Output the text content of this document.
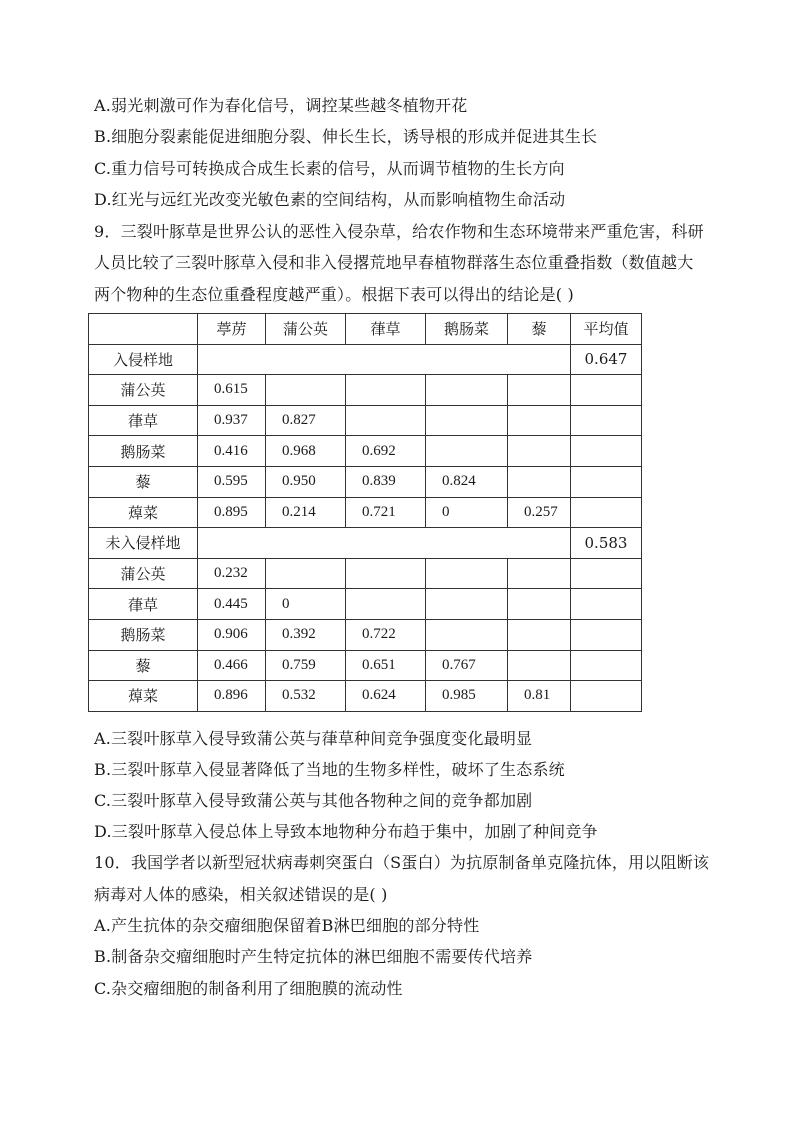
A.弱光刺激可作为春化信号，调控某些越冬植物开花
B.细胞分裂素能促进细胞分裂、伸长生长，诱导根的形成并促进其生长
C.重力信号可转换成合成生长素的信号，从而调节植物的生长方向
D.红光与远红光改变光敏色素的空间结构，从而影响植物生命活动
9．三裂叶豚草是世界公认的恶性入侵杂草，给农作物和生态环境带来严重危害，科研
人员比较了三裂叶豚草入侵和非入侵撂荒地早春植物群落生态位重叠指数（数值越大
两个物种的生态位重叠程度越严重）。根据下表可以得出的结论是( )
	葶苈	蒲公英	葎草	鹅肠菜	藜	平均值
入侵样地						0.647
蒲公英	0.615					
葎草	0.937	0.827				
鹅肠菜	0.416	0.968	0.692			
藜	0.595	0.950	0.839	0.824		
蔊菜	0.895	0.214	0.721	0	0.257	
未入侵样地						0.583
蒲公英	0.232					
葎草	0.445	0				
鹅肠菜	0.906	0.392	0.722			
藜	0.466	0.759	0.651	0.767		
蔊菜	0.896	0.532	0.624	0.985	0.81	
A.三裂叶豚草入侵导致蒲公英与葎草种间竞争强度变化最明显
B.三裂叶豚草入侵显著降低了当地的生物多样性，破坏了生态系统
C.三裂叶豚草入侵导致蒲公英与其他各物种之间的竞争都加剧
D.三裂叶豚草入侵总体上导致本地物种分布趋于集中，加剧了种间竞争
10．我国学者以新型冠状病毒刺突蛋白（S蛋白）为抗原制备单克隆抗体，用以阻断该
病毒对人体的感染，相关叙述错误的是( )
A.产生抗体的杂交瘤细胞保留着B淋巴细胞的部分特性
B.制备杂交瘤细胞时产生特定抗体的淋巴细胞不需要传代培养
C.杂交瘤细胞的制备利用了细胞膜的流动性
